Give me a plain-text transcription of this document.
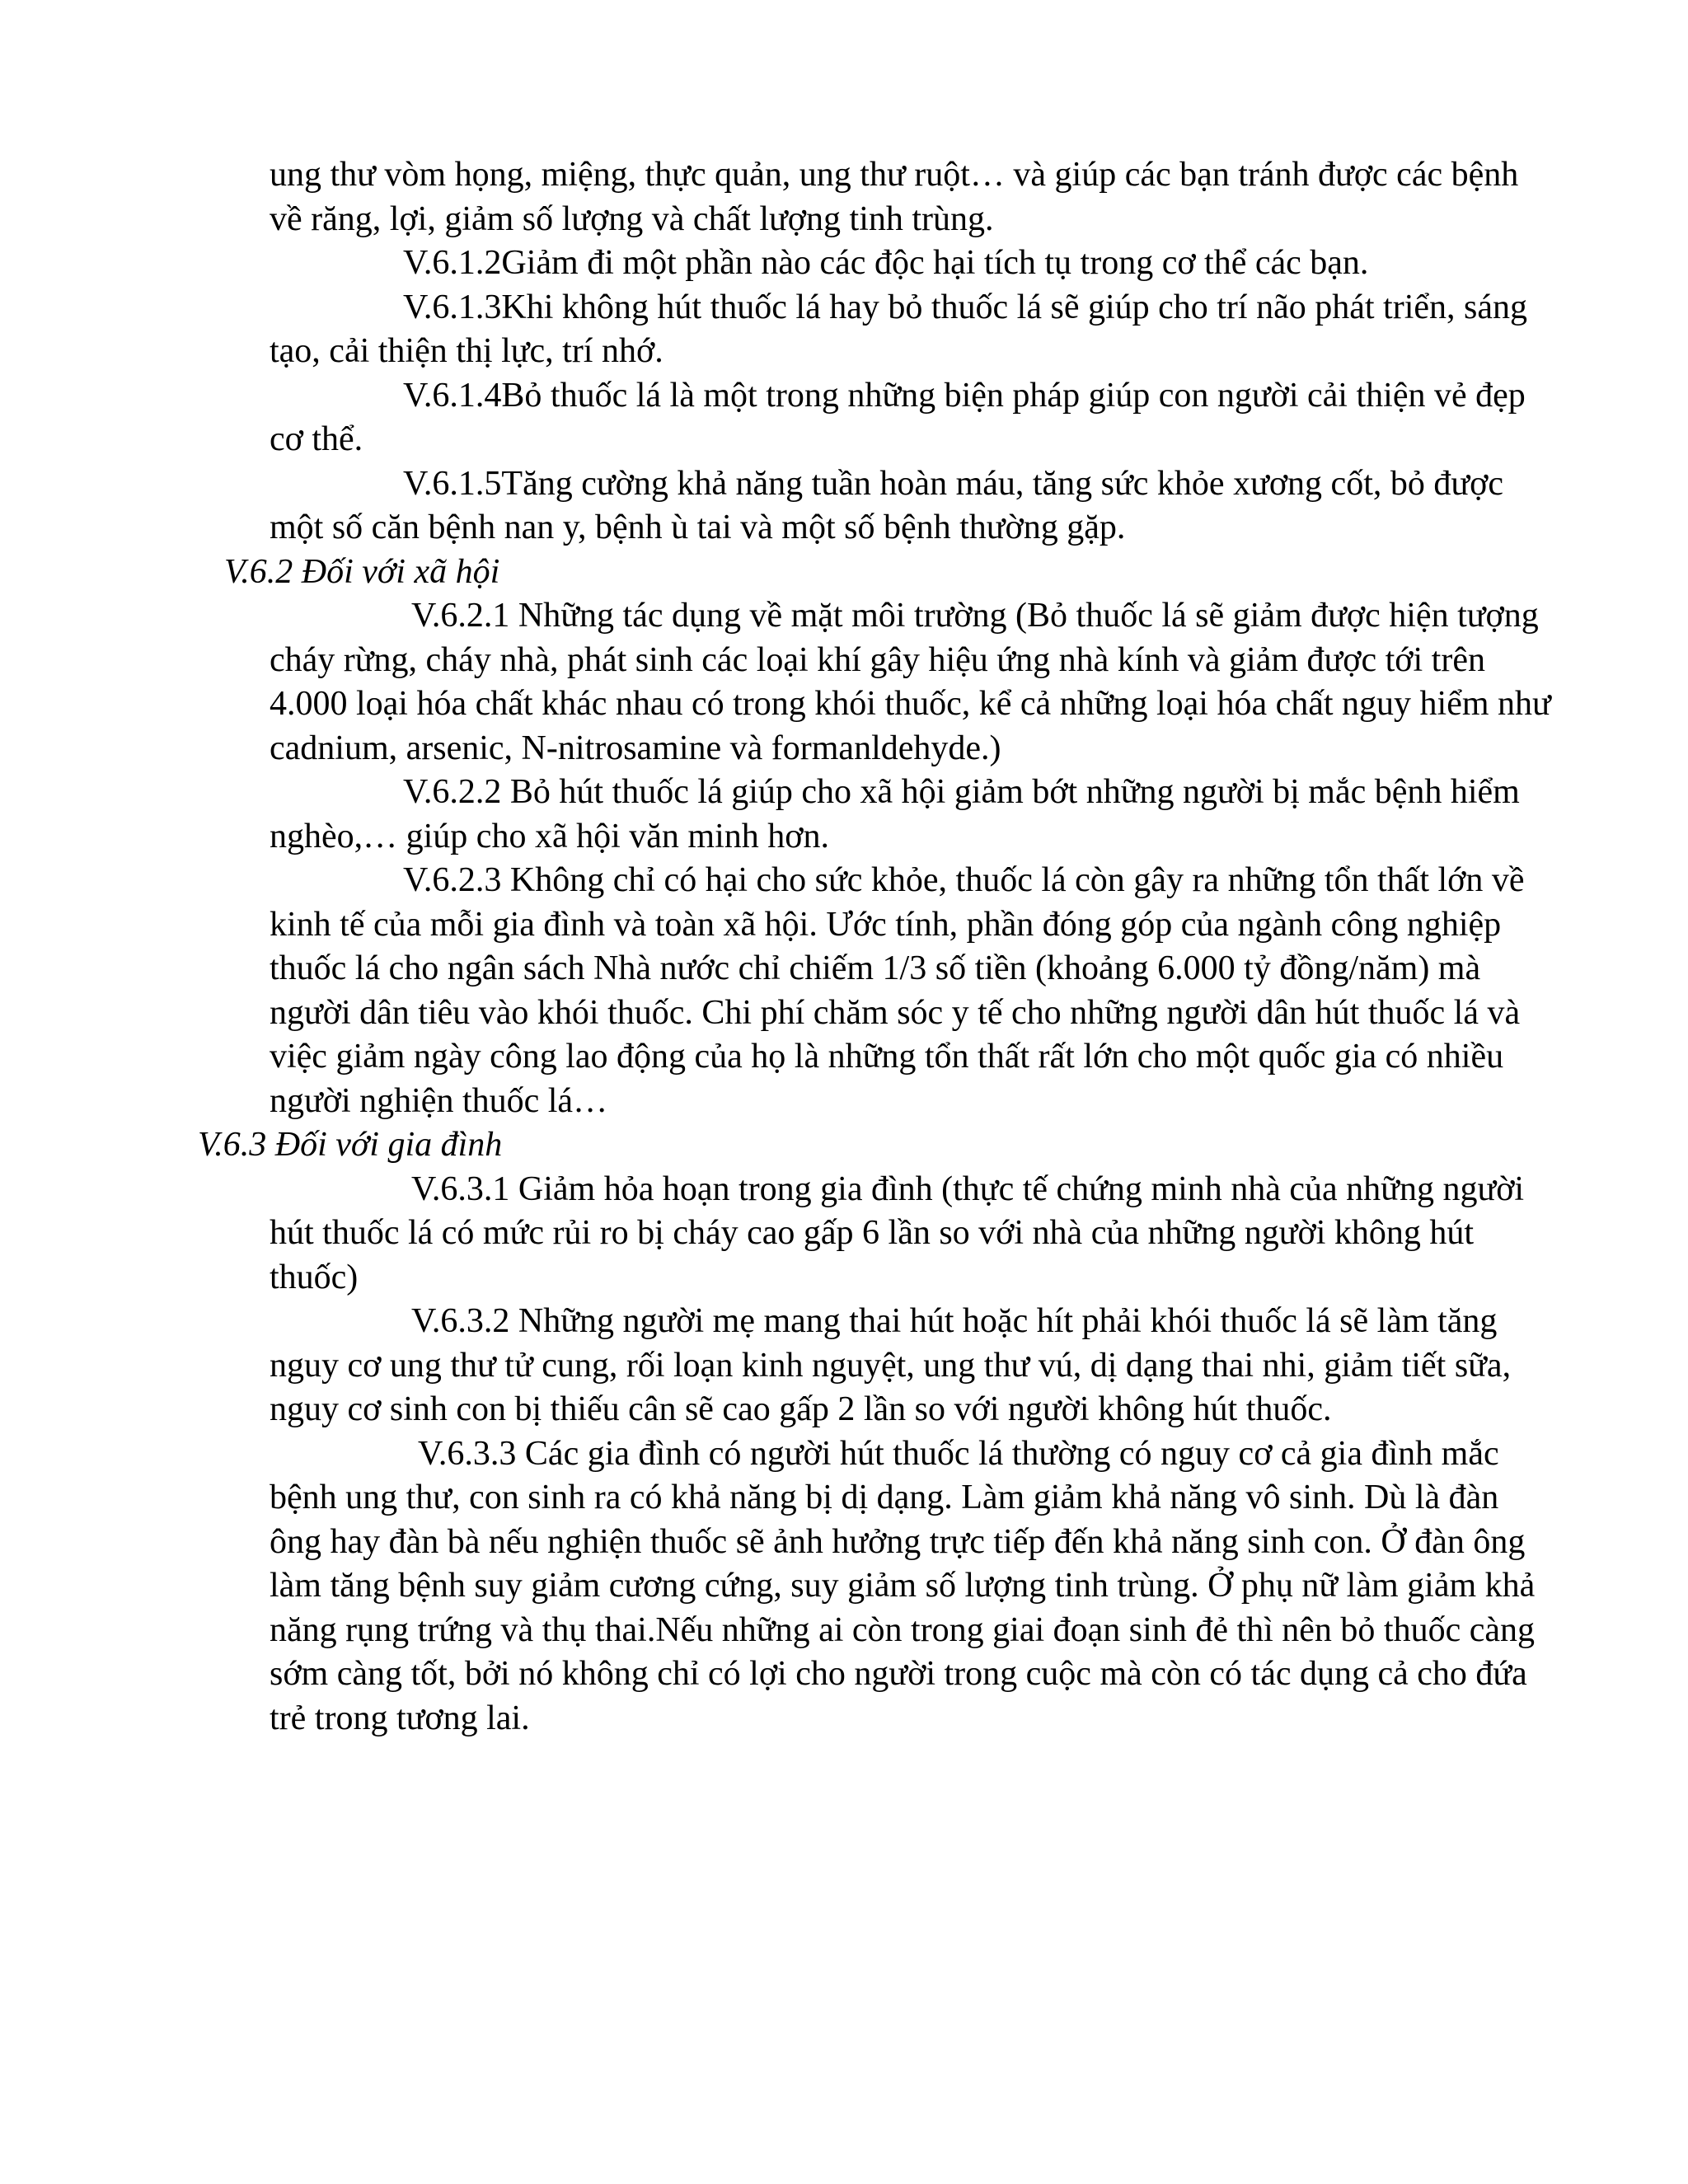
ung thư vòm họng, miệng, thực quản, ung thư ruột… và giúp các bạn tránh được các bệnh về răng, lợi, giảm số lượng và chất lượng tinh trùng.

V.6.1.2Giảm đi một phần nào các độc hại tích tụ trong cơ thể các bạn.

V.6.1.3Khi không hút thuốc lá hay bỏ thuốc lá sẽ giúp cho trí não phát triển, sáng tạo, cải thiện thị lực, trí nhớ.

V.6.1.4Bỏ thuốc lá là một trong những biện pháp giúp con người cải thiện vẻ đẹp cơ thể.

V.6.1.5Tăng cường khả năng tuần hoàn máu, tăng sức khỏe xương cốt, bỏ được một số căn bệnh nan y, bệnh ù tai và một số bệnh thường gặp.

V.6.2 Đối với xã hội

V.6.2.1 Những tác dụng về mặt môi trường (Bỏ thuốc lá sẽ giảm được hiện tượng cháy rừng, cháy nhà, phát sinh các loại khí gây hiệu ứng nhà kính và giảm được tới trên 4.000 loại hóa chất khác nhau có trong khói thuốc, kể cả những loại hóa chất nguy hiểm như cadnium, arsenic, N-nitrosamine và formanldehyde.)

V.6.2.2 Bỏ hút thuốc lá giúp cho xã hội giảm bớt những người bị mắc bệnh hiểm nghèo,… giúp cho xã hội văn minh hơn.

V.6.2.3 Không chỉ có hại cho sức khỏe, thuốc lá còn gây ra những tổn thất lớn về kinh tế của mỗi gia đình và toàn xã hội. Ước tính, phần đóng góp của ngành công nghiệp thuốc lá cho ngân sách Nhà nước chỉ chiếm 1/3 số tiền (khoảng 6.000 tỷ đồng/năm) mà người dân tiêu vào khói thuốc. Chi phí chăm sóc y tế cho những người dân hút thuốc lá và việc giảm ngày công lao động của họ là những tổn thất rất lớn cho một quốc gia có nhiều người nghiện thuốc lá…

V.6.3 Đối với gia đình

V.6.3.1 Giảm hỏa hoạn trong gia đình (thực tế chứng minh nhà của những người hút thuốc lá có mức rủi ro bị cháy cao gấp 6 lần so với nhà của những người không hút thuốc)

V.6.3.2 Những người mẹ mang thai hút hoặc hít phải khói thuốc lá sẽ làm tăng nguy cơ ung thư tử cung, rối loạn kinh nguyệt, ung thư vú, dị dạng thai nhi, giảm tiết sữa, nguy cơ sinh con bị thiếu cân sẽ cao gấp 2 lần so với người không hút thuốc.

V.6.3.3 Các gia đình có người hút thuốc lá thường có nguy cơ cả gia đình mắc bệnh ung thư, con sinh ra có khả năng bị dị dạng. Làm giảm khả năng vô sinh. Dù là đàn ông hay đàn bà nếu nghiện thuốc sẽ ảnh hưởng trực tiếp đến khả năng sinh con. Ở đàn ông làm tăng bệnh suy giảm cương cứng, suy giảm số lượng tinh trùng. Ở phụ nữ làm giảm khả năng rụng trứng và thụ thai.Nếu những ai còn trong giai đoạn sinh đẻ thì nên bỏ thuốc càng sớm càng tốt, bởi nó không chỉ có lợi cho người trong cuộc mà còn có tác dụng cả cho đứa trẻ trong tương lai.
